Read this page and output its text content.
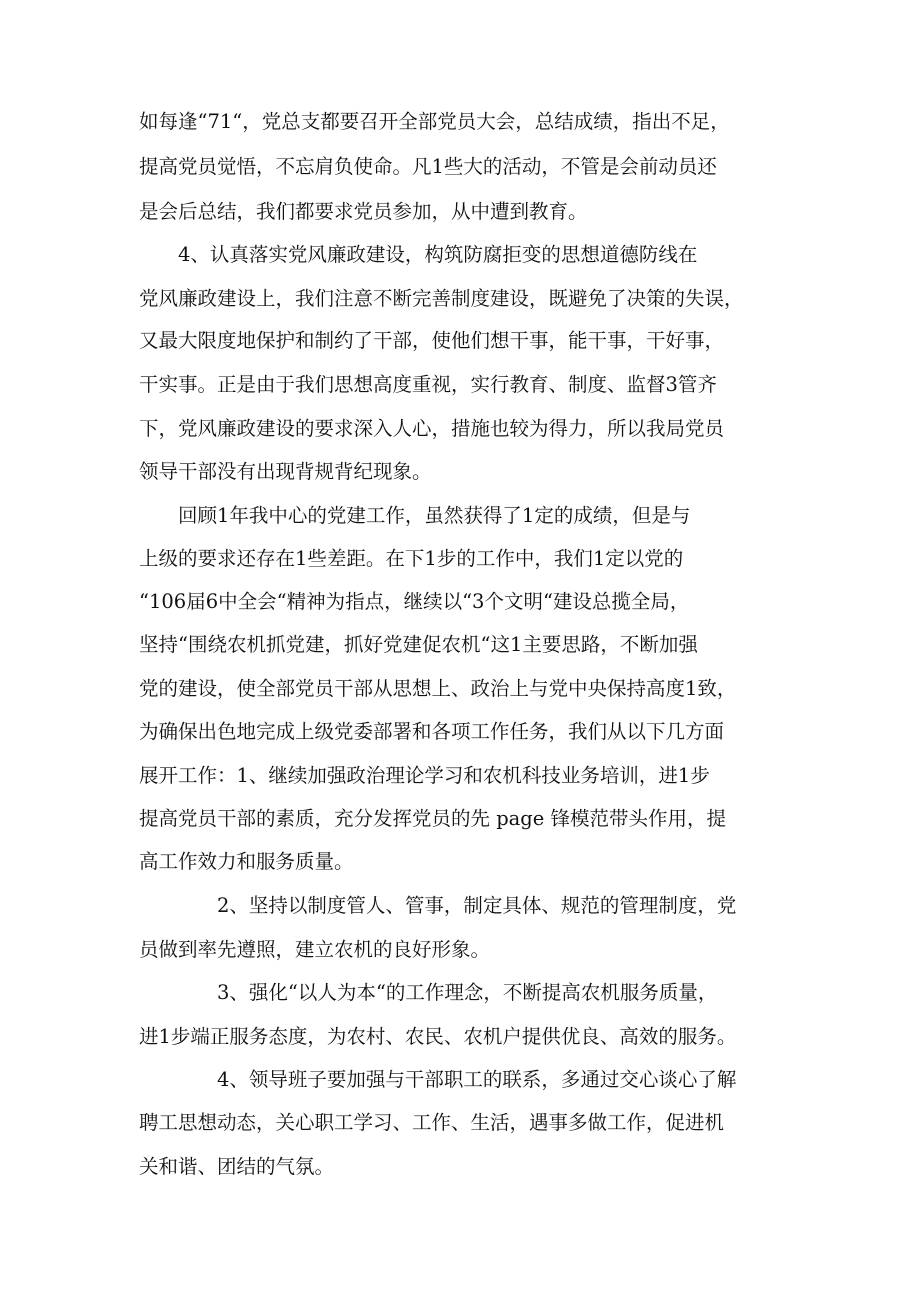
如每逢“71“，党总支都要召开全部党员大会，总结成绩，指出不足，
提高党员觉悟，不忘肩负使命。凡1些大的活动，不管是会前动员还
是会后总结，我们都要求党员参加，从中遭到教育。
4、认真落实党风廉政建设，构筑防腐拒变的思想道德防线在
党风廉政建设上，我们注意不断完善制度建设，既避免了决策的失误，
又最大限度地保护和制约了干部，使他们想干事，能干事，干好事，
干实事。正是由于我们思想高度重视，实行教育、制度、监督3管齐
下，党风廉政建设的要求深入人心，措施也较为得力，所以我局党员
领导干部没有出现背规背纪现象。
回顾1年我中心的党建工作，虽然获得了1定的成绩，但是与
上级的要求还存在1些差距。在下1步的工作中，我们1定以党的
“106届6中全会“精神为指点，继续以“3个文明“建设总揽全局，
坚持“围绕农机抓党建，抓好党建促农机“这1主要思路，不断加强
党的建设，使全部党员干部从思想上、政治上与党中央保持高度1致，
为确保出色地完成上级党委部署和各项工作任务，我们从以下几方面
展开工作：1、继续加强政治理论学习和农机科技业务培训，进1步
提高党员干部的素质，充分发挥党员的先 page 锋模范带头作用，提
高工作效力和服务质量。
2、坚持以制度管人、管事，制定具体、规范的管理制度，党
员做到率先遵照，建立农机的良好形象。
3、强化“以人为本“的工作理念，不断提高农机服务质量，
进1步端正服务态度，为农村、农民、农机户提供优良、高效的服务。
4、领导班子要加强与干部职工的联系，多通过交心谈心了解
聘工思想动态，关心职工学习、工作、生活，遇事多做工作，促进机
关和谐、团结的气氛。
